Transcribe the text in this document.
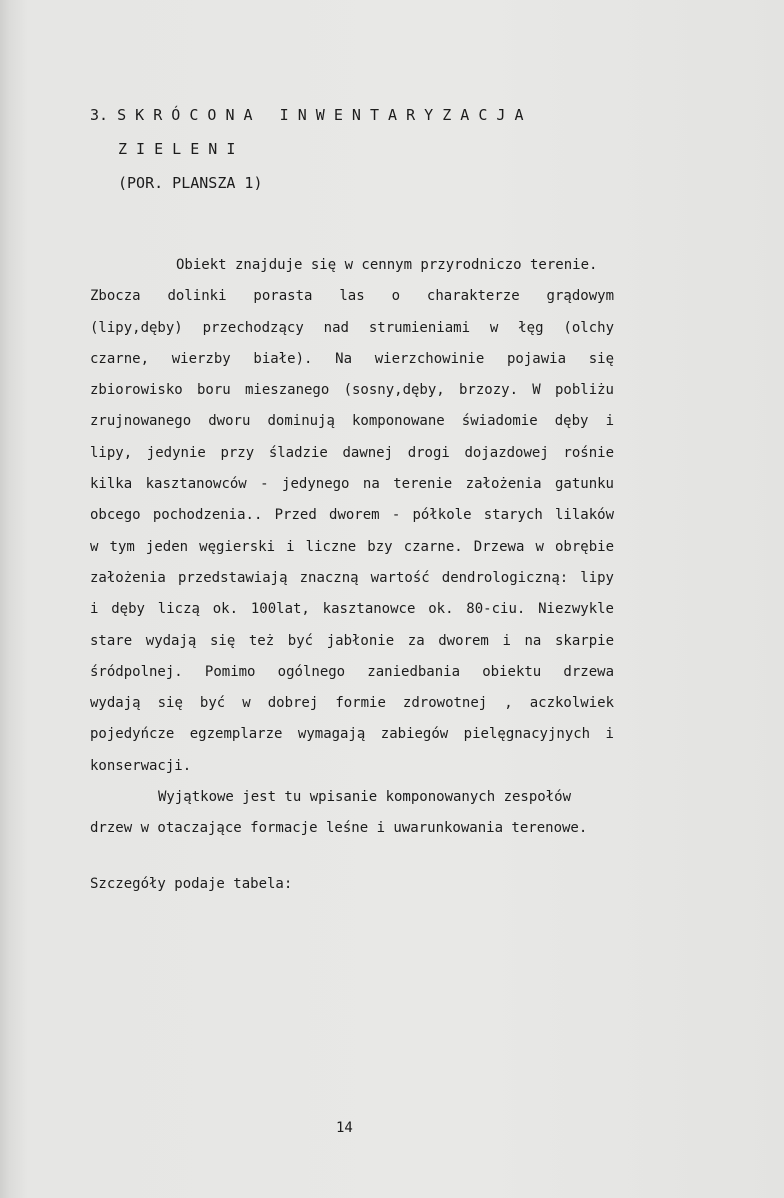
3. S K R Ó C O N A   I N W E N T A R Y Z A C J A
Z I E L E N I
(POR. PLANSZA 1)
Obiekt znajduje się w cennym przyrodniczo terenie.
Zbocza dolinki porasta las o charakterze grądowym
(lipy,dęby) przechodzący nad strumieniami w łęg (olchy
czarne, wierzby białe). Na wierzchowinie pojawia się
zbiorowisko boru mieszanego (sosny,dęby, brzozy. W pobliżu
zrujnowanego dworu dominują komponowane świadomie dęby i
lipy, jedynie przy śladzie dawnej drogi dojazdowej rośnie
kilka kasztanowców - jedynego na terenie założenia gatunku
obcego pochodzenia.. Przed dworem - półkole starych lilaków
w tym jeden węgierski i liczne bzy czarne. Drzewa w obrębie
założenia przedstawiają znaczną wartość dendrologiczną: lipy
i dęby liczą ok. 100lat, kasztanowce ok. 80-ciu. Niezwykle
stare wydają się też być jabłonie za dworem i na skarpie
śródpolnej. Pomimo ogólnego zaniedbania obiektu drzewa
wydają się być w dobrej formie zdrowotnej , aczkolwiek
pojedyńcze egzemplarze wymagają zabiegów pielęgnacyjnych i
konserwacji.
Wyjątkowe jest tu wpisanie komponowanych zespołów
drzew w otaczające formacje leśne i uwarunkowania terenowe.
Szczegóły podaje tabela:
14
